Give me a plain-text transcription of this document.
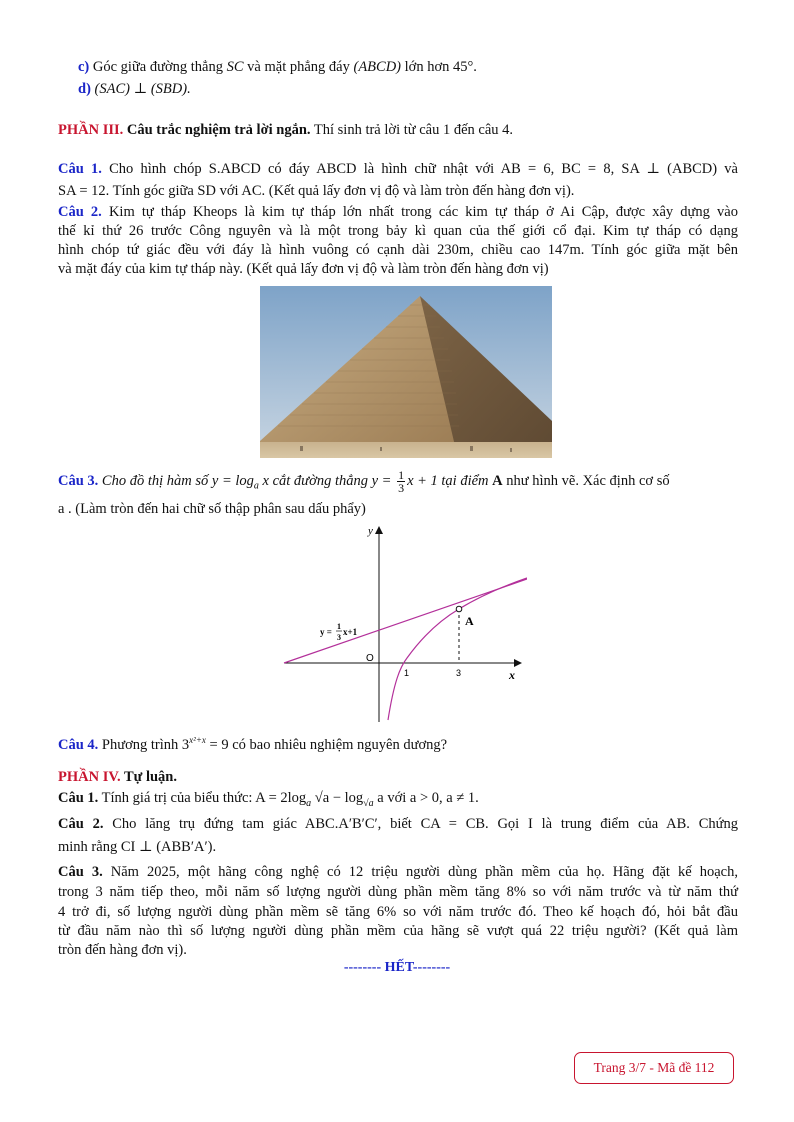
c) Góc giữa đường thẳng SC và mặt phẳng đáy (ABCD) lớn hơn 45°.
d) (SAC) ⊥ (SBD).
PHẦN III. Câu trắc nghiệm trả lời ngắn. Thí sinh trả lời từ câu 1 đến câu 4.
Câu 1. Cho hình chóp S.ABCD có đáy ABCD là hình chữ nhật với AB = 6, BC = 8, SA ⊥ (ABCD) và
SA = 12. Tính góc giữa SD với AC. (Kết quả lấy đơn vị độ và làm tròn đến hàng đơn vị).
Câu 2. Kim tự tháp Kheops là kim tự tháp lớn nhất trong các kim tự tháp ở Ai Cập, được xây dựng vào
thế kỉ thứ 26 trước Công nguyên và là một trong bảy kì quan của thế giới cổ đại. Kim tự tháp có dạng
hình chóp tứ giác đều với đáy là hình vuông có cạnh dài 230m, chiều cao 147m. Tính góc giữa mặt bên
và mặt đáy của kim tự tháp này. (Kết quả lấy đơn vị độ và làm tròn đến hàng đơn vị)
Câu 3. Cho đồ thị hàm số $y = \log_a x$ cắt đường thẳng $y = \frac{1}{3}$ x + 1 tại điểm A như hình vẽ. Xác định cơ số
a . (Làm tròn đến hai chữ số thập phân sau dấu phẩy)
y
x
O
1	3
A
y =
1
3
x+1
Câu 4. Phương trình $3^{x^2+x} = 9$ có bao nhiêu nghiệm nguyên dương?
PHẦN IV. Tự luận.
Câu 1. Tính giá trị của biểu thức: $A = 2\log_a$ $√a - \log_{√a} a$ với a > 0, a ≠ 1.
Câu 2. Cho lăng trụ đứng tam giác ABC.A′B′C′, biết CA = CB. Gọi I là trung điểm của AB. Chứng
minh rằng CI ⊥ (ABB′A′).
Câu 3. Năm 2025, một hãng công nghệ có 12 triệu người dùng phần mềm của họ. Hãng đặt kế hoạch,
trong 3 năm tiếp theo, mỗi năm số lượng người dùng phần mềm tăng 8% so với năm trước và từ năm thứ
4 trở đi, số lượng người dùng phần mềm sẽ tăng 6% so với năm trước đó. Theo kế hoạch đó, hỏi bắt đầu
từ đầu năm nào thì số lượng người dùng phần mềm của hãng sẽ vượt quá 22 triệu người? (Kết quả làm
tròn đến hàng đơn vị).
-------- HẾT--------
Trang 3/7 - Mã đề 112
